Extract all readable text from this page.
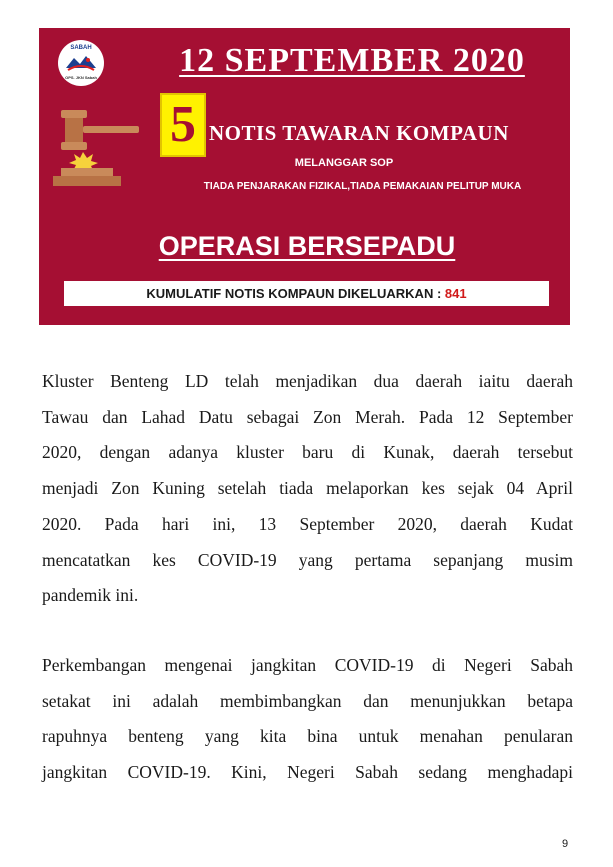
SABAH
OPS. JKN Sabah	12 SEPTEMBER 2020
5 NOTIS TAWARAN KOMPAUN
MELANGGAR SOP
TIADA PENJARAKAN FIZIKAL,TIADA PEMAKAIAN PELITUP MUKA
OPERASI BERSEPADU
KUMULATIF NOTIS KOMPAUN DIKELUARKAN : 841
Kluster Benteng LD telah menjadikan dua daerah iaitu daerah
Tawau dan Lahad Datu sebagai Zon Merah. Pada 12 September
2020, dengan adanya kluster baru di Kunak, daerah tersebut
menjadi Zon Kuning setelah tiada melaporkan kes sejak 04 April
2020. Pada hari ini, 13 September 2020, daerah Kudat
mencatatkan kes COVID-19 yang pertama sepanjang musim
pandemik ini.
Perkembangan mengenai jangkitan COVID-19 di Negeri Sabah
setakat ini adalah membimbangkan dan menunjukkan betapa
rapuhnya benteng yang kita bina untuk menahan penularan
jangkitan COVID-19. Kini, Negeri Sabah sedang menghadapi
9
